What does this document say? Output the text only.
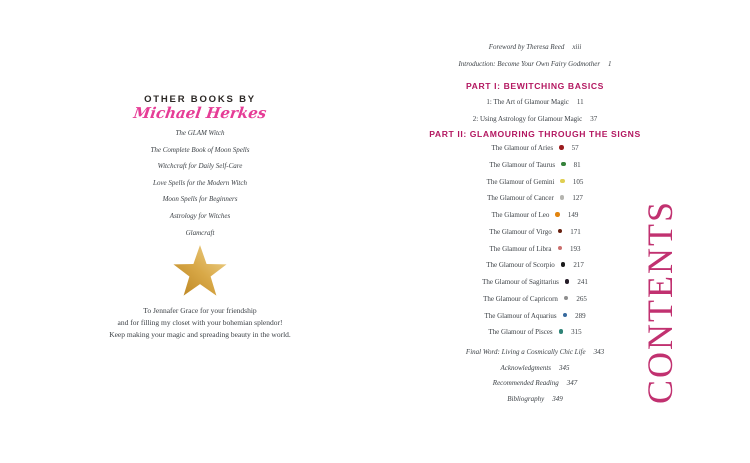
OTHER BOOKS BY
Michael Herkes
The GLAM Witch
The Complete Book of Moon Spells
Witchcraft for Daily Self-Care
Love Spells for the Modern Witch
Moon Spells for Beginners
Astrology for Witches
Glamcraft
To Jennafer Grace for your friendship
and for filling my closet with your bohemian splendor!
Keep making your magic and spreading beauty in the world.
Foreword by Theresa Reed xiii
Introduction: Become Your Own Fairy Godmother 1
PART I: BEWITCHING BASICS
1: The Art of Glamour Magic 11
2: Using Astrology for Glamour Magic 37
PART II: GLAMOURING THROUGH THE SIGNS
The Glamour of Aries	57
The Glamour of Taurus	81
The Glamour of Gemini	105
The Glamour of Cancer	127
The Glamour of Leo	149
The Glamour of Virgo	171
The Glamour of Libra	193
The Glamour of Scorpio	217
The Glamour of Sagittarius	241
The Glamour of Capricorn	265
The Glamour of Aquarius	289
The Glamour of Pisces	315
Final Word: Living a Cosmically Chic Life 343
Acknowledgments 345
Recommended Reading 347
Bibliography 349	CONTENTS
